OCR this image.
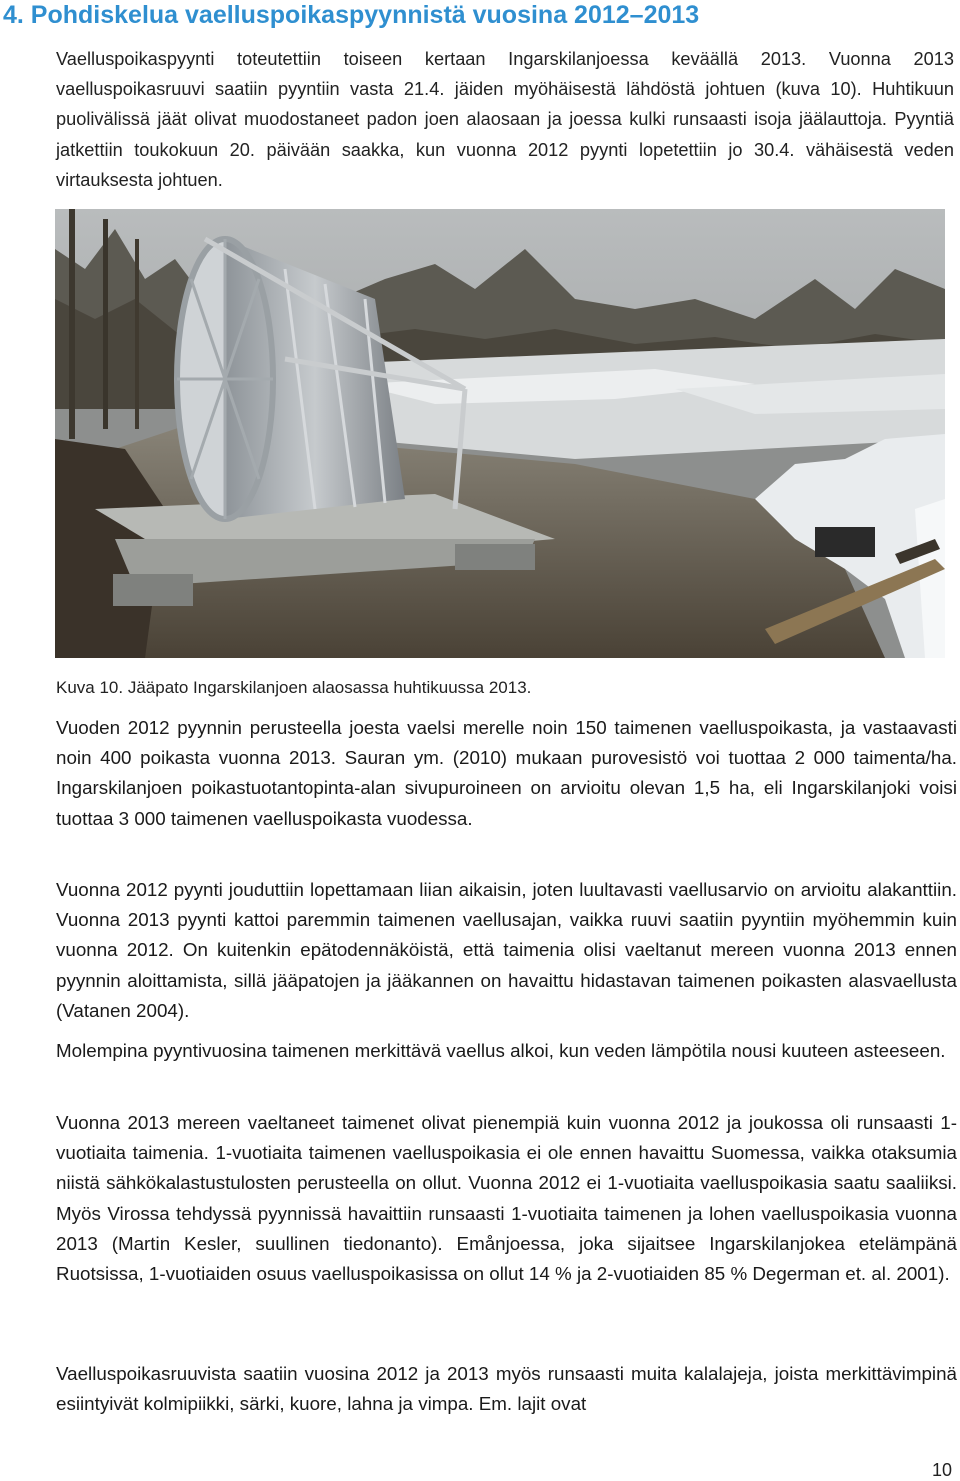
4. Pohdiskelua vaelluspoikaspyynnistä vuosina 2012–2013

Vaelluspoikaspyynti toteutettiin toiseen kertaan Ingarskilanjoessa keväällä 2013. Vuonna 2013 vaelluspoikasruuvi saatiin pyyntiin vasta 21.4. jäiden myöhäisestä lähdöstä johtuen (kuva 10). Huhtikuun puolivälissä jäät olivat muodostaneet padon joen alaosaan ja joessa kulki runsaasti isoja jäälauttoja. Pyyntiä jatkettiin toukokuun 20. päivään saakka, kun vuonna 2012 pyynti lopetettiin jo 30.4. vähäisestä veden virtauksesta johtuen.

Kuva 10. Jääpato Ingarskilanjoen alaosassa huhtikuussa 2013.

Vuoden 2012 pyynnin perusteella joesta vaelsi merelle noin 150 taimenen vaelluspoikasta, ja vastaavasti noin 400 poikasta vuonna 2013. Sauran ym. (2010) mukaan purovesistö voi tuottaa 2 000 taimenta/ha. Ingarskilanjoen poikastuotantopinta-alan sivupuroineen on arvioitu olevan 1,5 ha, eli Ingarskilanjoki voisi tuottaa 3 000 taimenen vaelluspoikasta vuodessa.

Vuonna 2012 pyynti jouduttiin lopettamaan liian aikaisin, joten luultavasti vaellusarvio on arvioitu alakanttiin. Vuonna 2013 pyynti kattoi paremmin taimenen vaellusajan, vaikka ruuvi saatiin pyyntiin myöhemmin kuin vuonna 2012. On kuitenkin epätodennäköistä, että taimenia olisi vaeltanut mereen vuonna 2013 ennen pyynnin aloittamista, sillä jääpatojen ja jääkannen on havaittu hidastavan taimenen poikasten alasvaellusta (Vatanen 2004).

Molempina pyyntivuosina taimenen merkittävä vaellus alkoi, kun veden lämpötila nousi kuuteen asteeseen.

Vuonna 2013 mereen vaeltaneet taimenet olivat pienempiä kuin vuonna 2012 ja joukossa oli runsaasti 1-vuotiaita taimenia. 1-vuotiaita taimenen vaelluspoikasia ei ole ennen havaittu Suomessa, vaikka otaksumia niistä sähkökalastustulosten perusteella on ollut. Vuonna 2012 ei 1-vuotiaita vaelluspoikasia saatu saaliiksi. Myös Virossa tehdyssä pyynnissä havaittiin runsaasti 1-vuotiaita taimenen ja lohen vaelluspoikasia vuonna 2013 (Martin Kesler, suullinen tiedonanto). Emånjoessa, joka sijaitsee Ingarskilanjokea etelämpänä Ruotsissa, 1-vuotiaiden osuus vaelluspoikasissa on ollut 14 % ja 2-vuotiaiden 85 % Degerman et. al. 2001).

Vaelluspoikasruuvista saatiin vuosina 2012 ja 2013 myös runsaasti muita kalalajeja, joista merkittävimpinä esiintyivät kolmipiikki, särki, kuore, lahna ja vimpa. Em. lajit ovat

10
